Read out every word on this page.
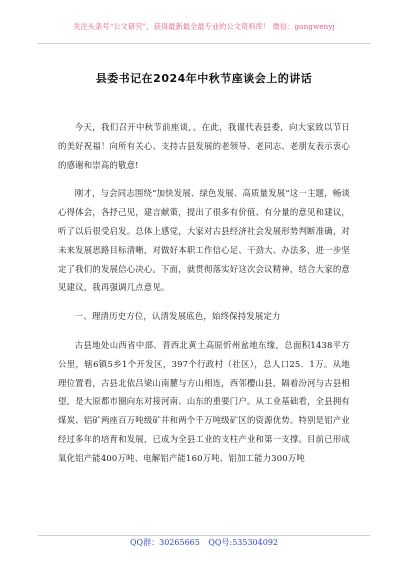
关注头条号“公文研究”，获得最新最全最专业的公文资料库！ 微信：gongwenyj
县委书记在2024年中秋节座谈会上的讲话

今天，我们召开中秋节前座谈，。在此，我谨代表县委，向大家致以节日的美好祝福！向所有关心、支持古县发展的老领导、老同志、老朋友表示衷心的感谢和崇高的敬意!

刚才，与会同志围绕“加快发展、绿色发展、高质量发展”这一主题，畅谈心得体会，各抒己见，建言献策，提出了很多有价值、有分量的意见和建议，听了以后很受启发。总体上感觉，大家对古县经济社会发展形势判断准确，对未来发展思路目标清晰，对做好本职工作信心足、干劲大、办法多，进一步坚定了我们的发展信心决心。下面，就贯彻落实好这次会议精神，结合大家的意见建议，我再强调几点意见。

一、理清历史方位，认清发展底色，始终保持发展定力

古县地处山西省中部、晋西北黄土高原忻州盆地东缘，总面积1438平方公里，辖6镇5乡1个开发区，397个行政村（社区），总人口25．1万。从地理位置看，古县北依吕梁山南麓与方山相连，西邻樱山县，隔着汾河与古县相望，是大原都市圈向东对接河南、山东的重要门户。从工业基础看，全县拥有煤炭、铝矿两座百万吨级矿井和两个千万吨级矿区的资源优势。特别是铝产业经过多年的培育和发展，已成为全县工业的支柱产业和第一支撑。目前已形成氧化铝产能400万吨、电解铝产能160万吨、铝加工能力300万吨

QQ群：30265665 QQ号:535304092
